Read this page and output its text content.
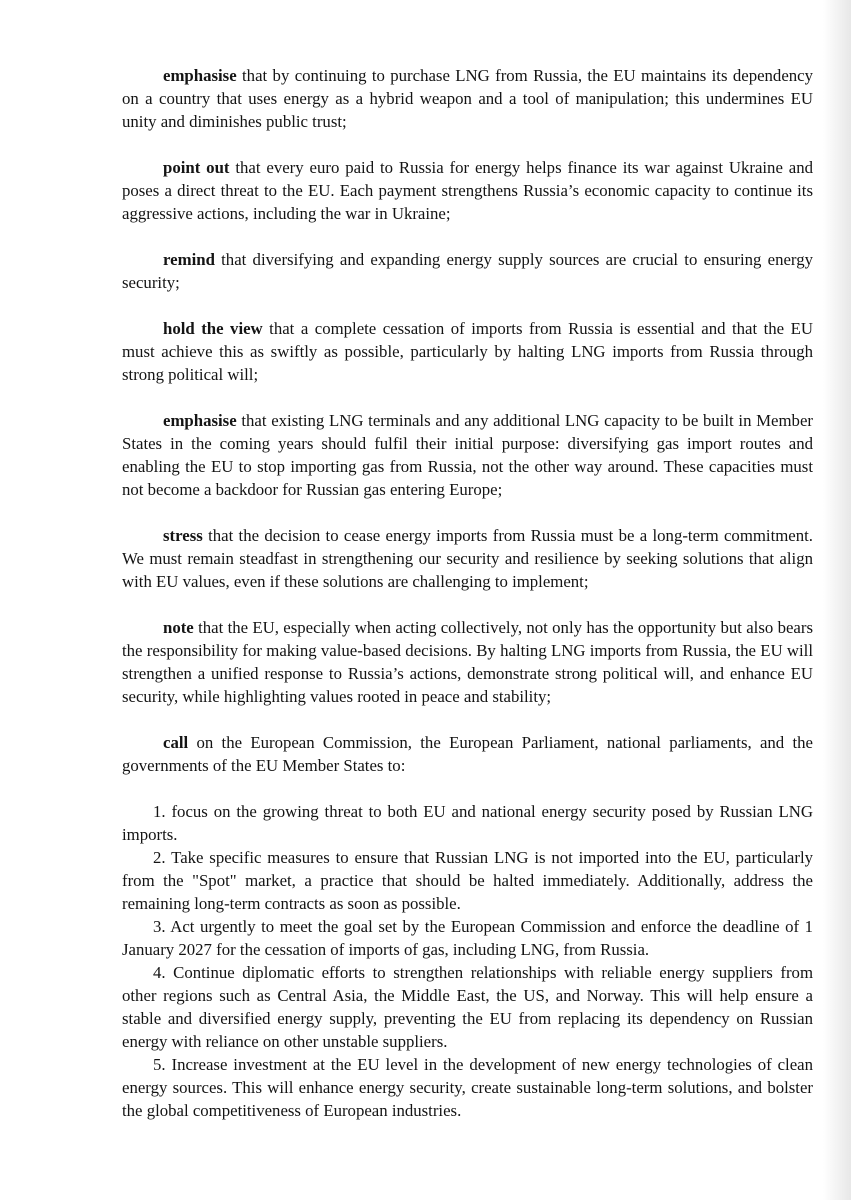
emphasise that by continuing to purchase LNG from Russia, the EU maintains its dependency on a country that uses energy as a hybrid weapon and a tool of manipulation; this undermines EU unity and diminishes public trust;

point out that every euro paid to Russia for energy helps finance its war against Ukraine and poses a direct threat to the EU. Each payment strengthens Russia’s economic capacity to continue its aggressive actions, including the war in Ukraine;

remind that diversifying and expanding energy supply sources are crucial to ensuring energy security;

hold the view that a complete cessation of imports from Russia is essential and that the EU must achieve this as swiftly as possible, particularly by halting LNG imports from Russia through strong political will;

emphasise that existing LNG terminals and any additional LNG capacity to be built in Member States in the coming years should fulfil their initial purpose: diversifying gas import routes and enabling the EU to stop importing gas from Russia, not the other way around. These capacities must not become a backdoor for Russian gas entering Europe;

stress that the decision to cease energy imports from Russia must be a long-term commitment. We must remain steadfast in strengthening our security and resilience by seeking solutions that align with EU values, even if these solutions are challenging to implement;

note that the EU, especially when acting collectively, not only has the opportunity but also bears the responsibility for making value-based decisions. By halting LNG imports from Russia, the EU will strengthen a unified response to Russia’s actions, demonstrate strong political will, and enhance EU security, while highlighting values rooted in peace and stability;

call on the European Commission, the European Parliament, national parliaments, and the governments of the EU Member States to:

1. focus on the growing threat to both EU and national energy security posed by Russian LNG imports.

2. Take specific measures to ensure that Russian LNG is not imported into the EU, particularly from the "Spot" market, a practice that should be halted immediately. Additionally, address the remaining long-term contracts as soon as possible.

3. Act urgently to meet the goal set by the European Commission and enforce the deadline of 1 January 2027 for the cessation of imports of gas, including LNG, from Russia.

4. Continue diplomatic efforts to strengthen relationships with reliable energy suppliers from other regions such as Central Asia, the Middle East, the US, and Norway. This will help ensure a stable and diversified energy supply, preventing the EU from replacing its dependency on Russian energy with reliance on other unstable suppliers.

5. Increase investment at the EU level in the development of new energy technologies of clean energy sources. This will enhance energy security, create sustainable long-term solutions, and bolster the global competitiveness of European industries.
